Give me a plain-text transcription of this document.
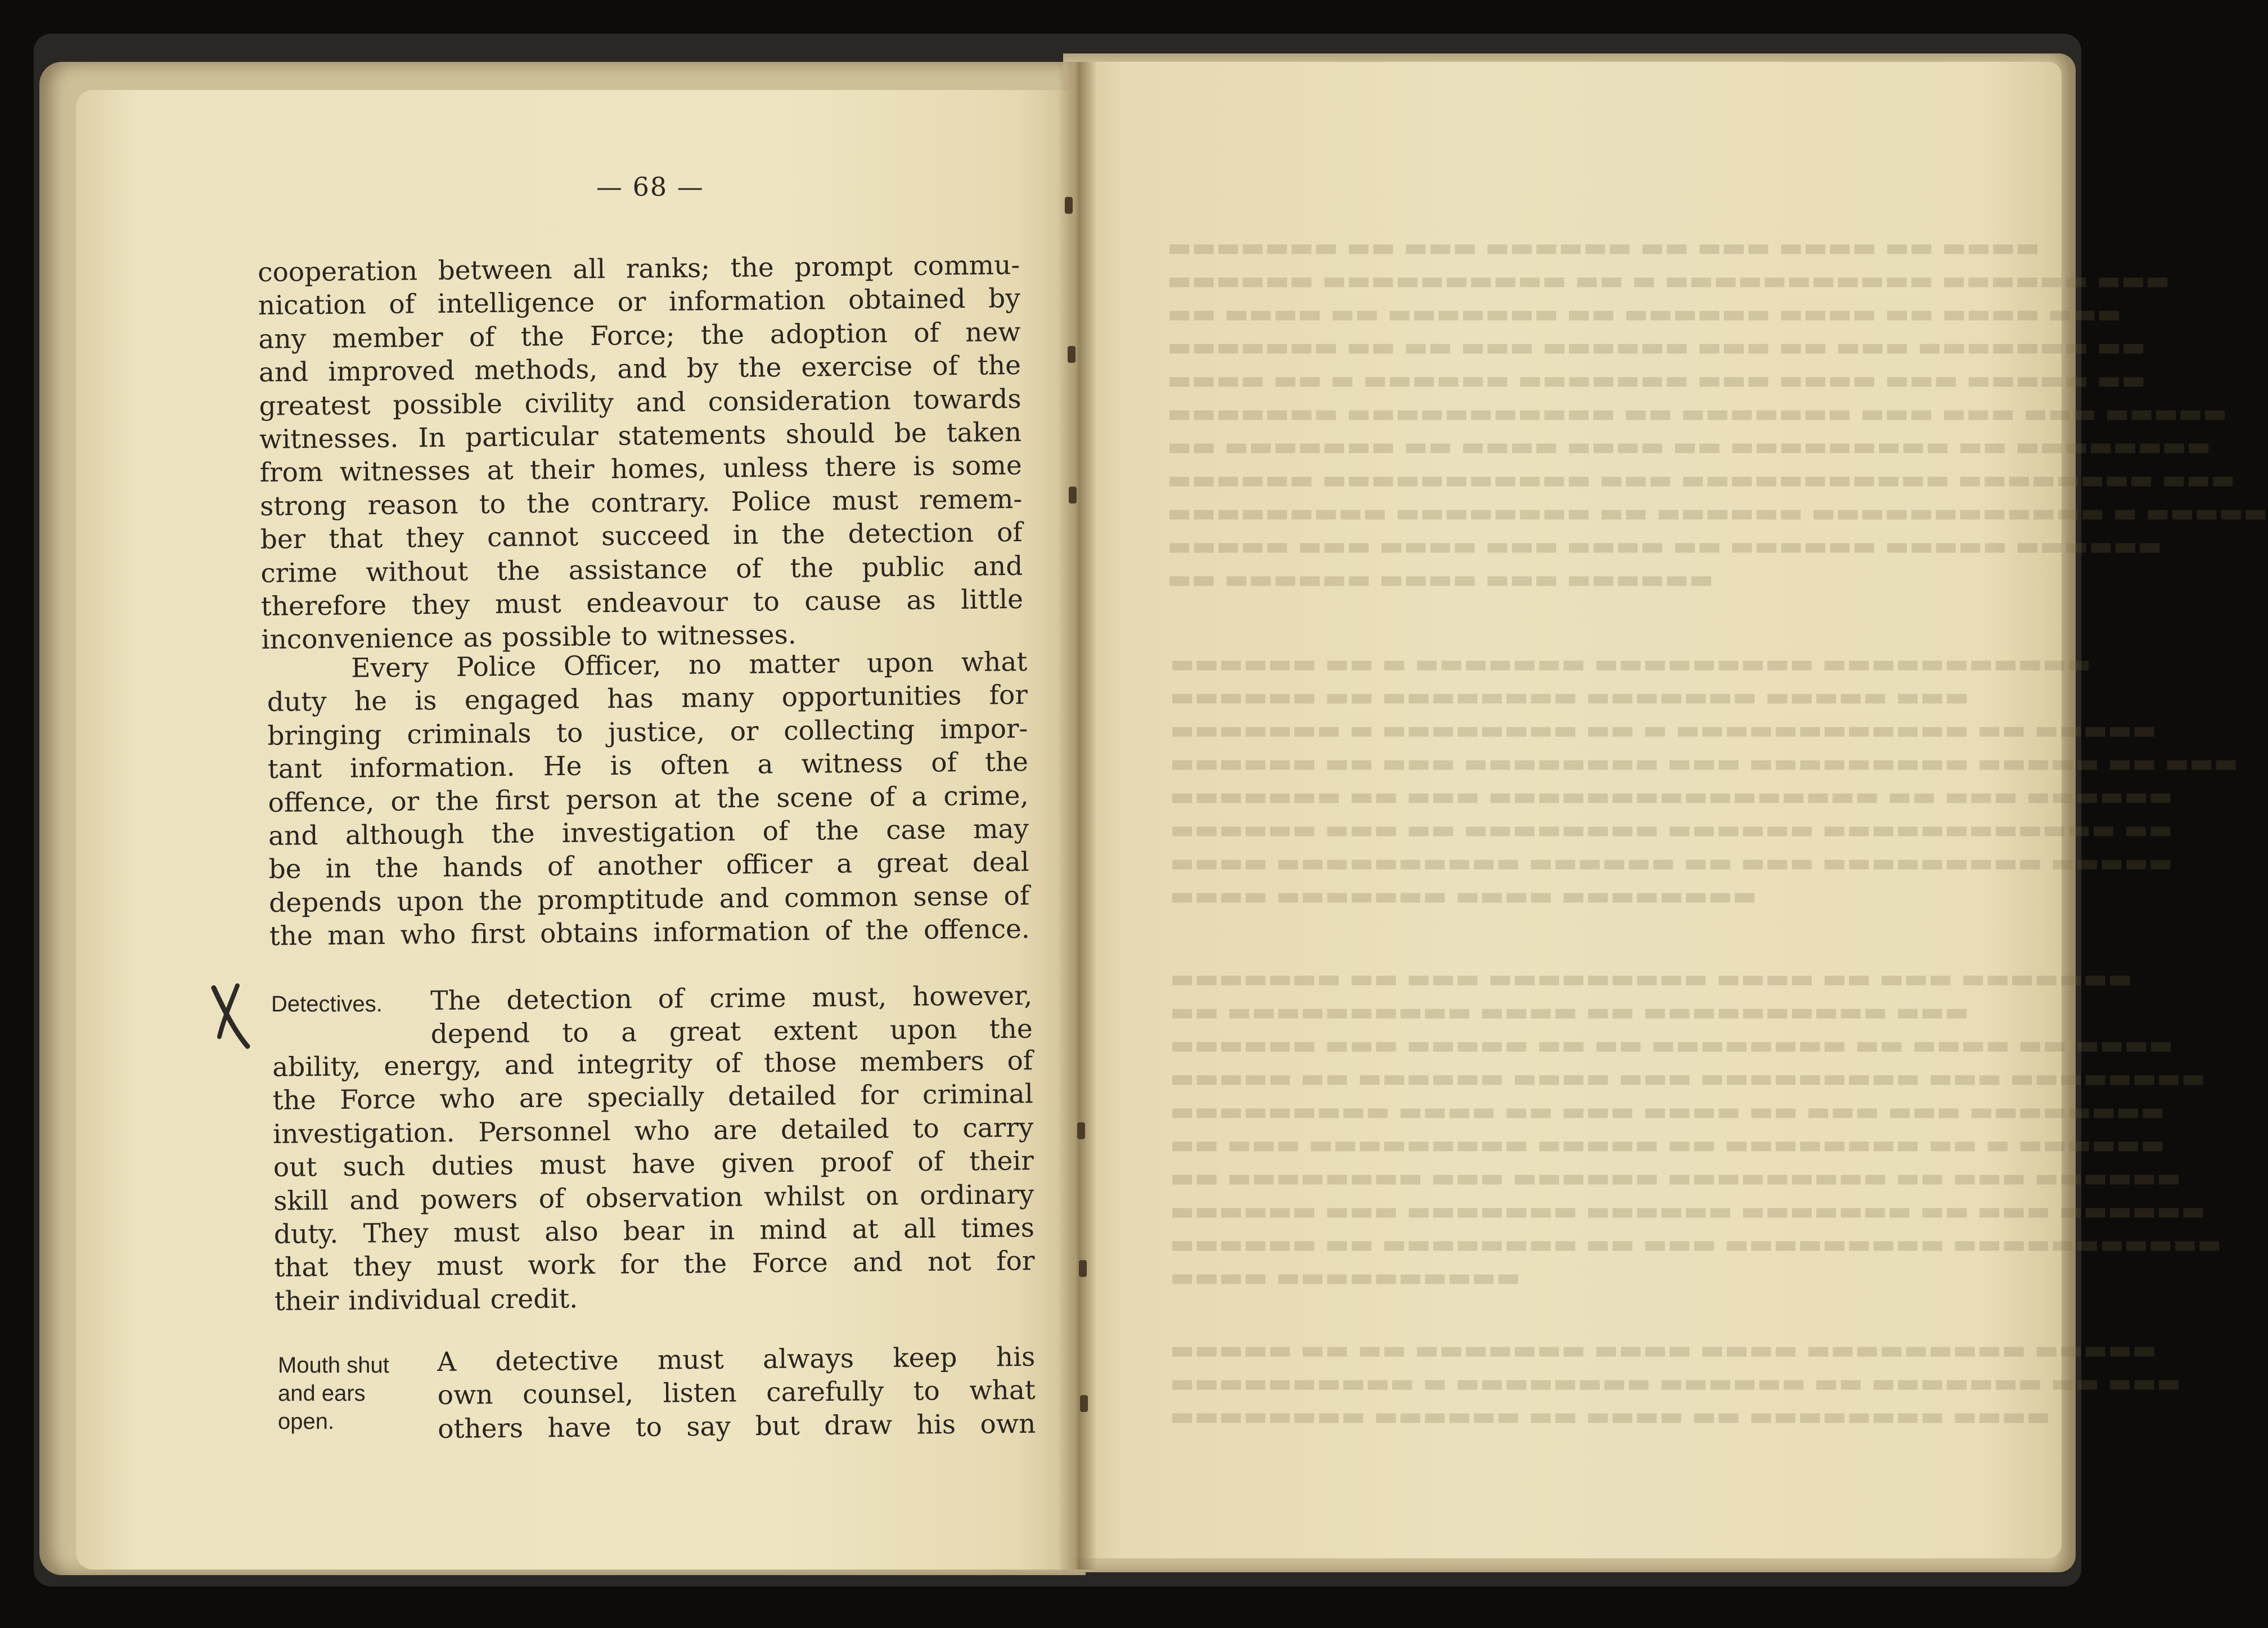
▬▬▬▬▬▬▬ ▬▬ ▬▬▬ ▬▬▬▬▬▬ ▬▬ ▬▬▬ ▬▬▬▬ ▬▬ ▬▬▬▬
▬▬▬▬▬▬ ▬▬▬▬▬▬▬▬▬▬ ▬▬ ▬ ▬▬▬▬▬▬▬▬▬▬▬ ▬▬▬▬▬▬ ▬▬▬
▬▬ ▬▬▬▬ ▬▬ ▬▬▬▬▬▬▬ ▬▬ ▬▬▬▬▬▬ ▬▬▬▬ ▬▬ ▬▬▬▬ ▬▬▬
▬▬▬▬▬▬▬ ▬▬ ▬▬ ▬▬▬ ▬▬▬▬▬▬ ▬▬▬ ▬▬ ▬▬▬ ▬▬▬▬▬▬▬ ▬▬
▬▬▬▬ ▬▬ ▬ ▬▬▬▬▬▬ ▬▬▬▬▬▬▬ ▬▬▬ ▬▬▬▬ ▬▬▬ ▬▬▬▬▬ ▬▬
▬▬▬▬▬▬▬ ▬▬▬▬▬▬▬▬▬▬▬ ▬▬ ▬▬▬▬▬▬▬ ▬▬▬ ▬▬▬ ▬▬▬ ▬▬▬▬▬
▬▬ ▬▬▬▬▬▬▬ ▬▬ ▬▬▬▬ ▬▬▬▬ ▬▬ ▬▬▬▬▬▬▬▬▬ ▬▬ ▬▬▬▬▬▬▬▬
▬▬▬▬▬▬ ▬▬▬▬▬▬▬▬▬▬▬ ▬▬▬ ▬▬▬▬▬▬▬▬▬▬▬ ▬▬▬▬▬▬▬▬ ▬▬▬
▬▬▬▬▬▬▬▬▬ ▬▬▬▬▬▬▬▬ ▬▬ ▬▬▬▬▬▬ ▬▬▬▬▬▬▬▬▬▬▬▬ ▬ ▬▬▬▬▬
▬▬▬▬▬ ▬▬▬ ▬▬▬▬ ▬▬▬ ▬▬▬▬ ▬▬ ▬▬▬▬▬▬ ▬▬▬▬▬ ▬▬▬▬▬▬
▬▬ ▬▬▬▬▬▬ ▬▬▬▬ ▬▬▬ ▬▬▬▬▬▬
▬▬▬▬▬▬ ▬▬ ▬ ▬▬▬▬▬▬▬ ▬▬▬▬▬▬▬▬▬ ▬▬▬▬▬▬▬▬▬▬▬
▬▬▬▬▬▬ ▬▬ ▬▬▬▬▬▬▬▬ ▬▬▬▬▬▬▬ ▬▬▬▬▬ ▬▬▬
▬▬▬▬▬▬▬ ▬ ▬▬▬▬▬▬▬▬ ▬▬ ▬ ▬▬▬▬▬▬▬▬▬▬▬▬ ▬▬ ▬▬▬▬▬
▬▬▬▬▬▬ ▬▬ ▬▬▬ ▬▬▬▬▬▬▬▬ ▬▬▬ ▬▬▬▬▬▬▬▬▬ ▬▬▬▬▬ ▬▬ ▬▬▬
▬▬▬▬▬▬▬ ▬▬ ▬▬▬ ▬▬▬▬▬▬▬▬▬▬▬▬▬▬▬▬ ▬▬ ▬▬▬ ▬▬▬▬▬▬
▬▬▬▬▬▬ ▬▬▬ ▬▬ ▬▬▬▬▬▬▬▬ ▬▬▬▬▬▬ ▬▬▬▬▬▬▬▬▬▬▬▬ ▬▬
▬▬▬▬ ▬▬▬▬▬▬▬▬▬▬ ▬▬▬▬▬▬ ▬▬ ▬▬▬ ▬▬▬▬▬▬▬▬▬ ▬▬▬▬▬
▬▬▬▬ ▬▬▬▬▬▬▬ ▬▬▬▬ ▬▬▬▬▬▬▬▬
▬▬▬▬▬▬▬ ▬▬ ▬▬▬ ▬▬▬▬▬▬▬▬▬ ▬▬▬▬ ▬▬ ▬▬▬ ▬▬▬▬▬▬▬
▬▬ ▬▬▬▬▬▬▬▬▬▬ ▬▬▬▬ ▬▬ ▬▬▬▬▬▬▬▬▬▬ ▬▬▬
▬▬▬▬▬▬ ▬▬▬ ▬▬▬▬▬ ▬▬ ▬▬ ▬▬▬▬▬▬▬▬ ▬▬ ▬▬▬▬ ▬▬ ▬▬▬▬
▬▬▬▬▬ ▬▬ ▬▬▬▬▬▬ ▬▬▬▬ ▬▬▬ ▬▬▬▬▬▬▬▬▬ ▬▬▬ ▬▬▬▬▬▬▬▬
▬▬▬▬▬▬▬▬▬ ▬▬▬▬ ▬▬ ▬▬▬ ▬▬▬▬ ▬▬ ▬▬▬ ▬▬▬ ▬▬▬▬▬▬▬▬
▬▬ ▬▬▬ ▬▬▬▬▬▬▬▬▬ ▬▬▬▬▬ ▬▬ ▬▬▬▬▬▬▬▬ ▬▬ ▬ ▬▬▬▬▬▬
▬▬ ▬▬▬▬▬▬▬▬ ▬▬▬ ▬▬▬▬▬▬ ▬▬▬▬▬▬▬▬▬ ▬▬ ▬▬▬ ▬▬▬▬▬▬
▬▬▬▬▬▬ ▬▬▬ ▬▬▬▬▬▬▬ ▬▬▬▬▬▬ ▬▬▬▬▬▬▬ ▬▬ ▬▬▬ ▬▬▬▬▬▬
▬▬▬▬▬▬ ▬▬ ▬▬▬▬▬▬▬▬ ▬▬ ▬▬▬ ▬▬▬▬▬▬▬▬▬ ▬▬▬▬▬▬▬▬▬▬▬
▬▬▬▬ ▬▬▬▬▬▬▬▬▬▬
▬▬▬▬▬ ▬▬ ▬▬ ▬▬▬▬▬▬▬ ▬▬▬▬ ▬▬▬▬ ▬▬▬▬▬▬▬▬▬ ▬▬▬▬▬
▬▬▬▬▬▬▬▬▬▬ ▬ ▬▬▬▬▬▬▬▬ ▬▬▬▬▬▬ ▬▬ ▬▬▬▬▬▬▬ ▬▬ ▬▬▬
▬▬▬▬▬▬▬▬ ▬▬▬▬▬▬ ▬▬ ▬▬▬▬ ▬▬ ▬▬▬▬▬▬▬▬ ▬▬▬▬
— 68 —
cooperation between all ranks; the prompt commu-
nication of intelligence or information obtained by
any member of the Force; the adoption of new
and improved methods, and by the exercise of the
greatest possible civility and consideration towards
witnesses. In particular statements should be taken
from witnesses at their homes, unless there is some
strong reason to the contrary. Police must remem-
ber that they cannot succeed in the detection of
crime without the assistance of the public and
therefore they must endeavour to cause as little
inconvenience as possible to witnesses.
Every Police Officer, no matter upon what
duty he is engaged has many opportunities for
bringing criminals to justice, or collecting impor-
tant information. He is often a witness of the
offence, or the first person at the scene of a crime,
and although the investigation of the case may
be in the hands of another officer a great deal
depends upon the promptitude and common sense of
the man who first obtains information of the offence.
Detectives. The detection of crime must, however,
depend to a great extent upon the
ability, energy, and integrity of those members of
the Force who are specially detailed for criminal
investigation. Personnel who are detailed to carry
out such duties must have given proof of their
skill and powers of observation whilst on ordinary
duty. They must also bear in mind at all times
that they must work for the Force and not for
their individual credit.
Mouth shut
and ears
open.
A detective must always keep his
own counsel, listen carefully to what
others have to say but draw his own
